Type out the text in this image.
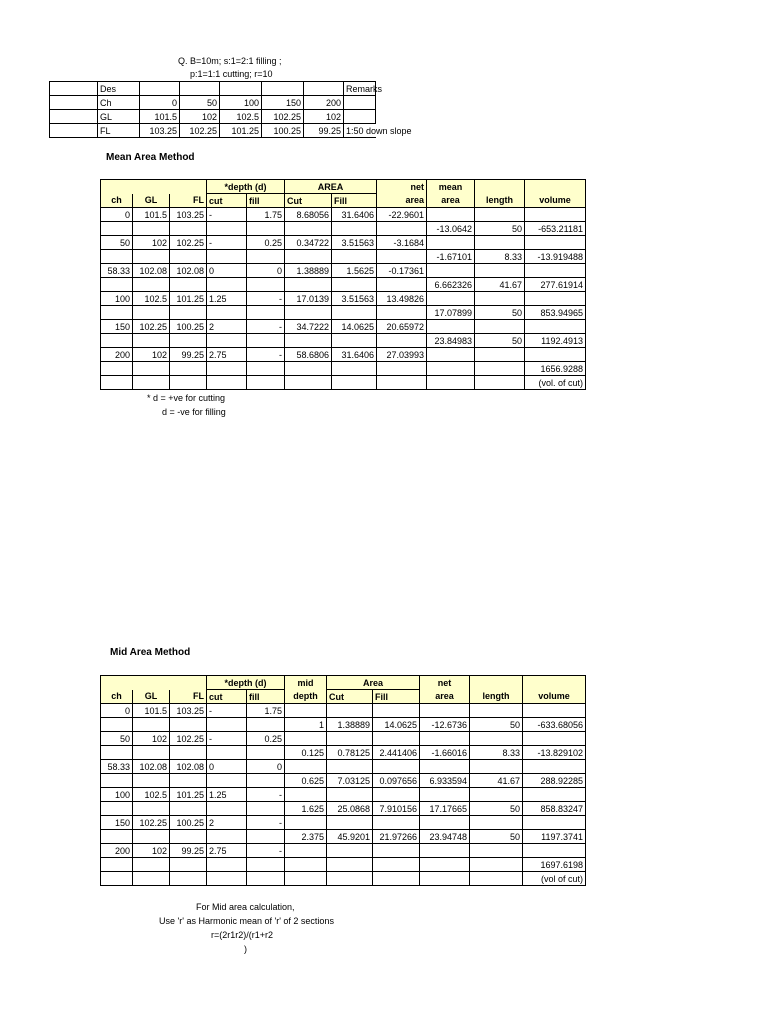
Q. B=10m; s:1=2:1 filling ;
p:1=1:1 cutting; r=10
	Des						Remarks
	Ch	0	50	100	150	200	
	GL	101.5	102	102.5	102.25	102	
	FL	103.25	102.25	101.25	100.25	99.25	1:50 down slope
Mean Area Method
			*depth (d)		AREA		net	mean		
ch	GL	FL	cut	fill	Cut	Fill	area	area	length	volume
0	101.5	103.25	-	1.75	8.68056	31.6406	-22.9601			
								-13.0642	50	-653.21181
50	102	102.25	-	0.25	0.34722	3.51563	-3.1684			
								-1.67101	8.33	-13.919488
58.33	102.08	102.08	0	0	1.38889	1.5625	-0.17361			
								6.662326	41.67	277.61914
100	102.5	101.25	1.25	-	17.0139	3.51563	13.49826			
								17.07899	50	853.94965
150	102.25	100.25	2	-	34.7222	14.0625	20.65972			
								23.84983	50	1192.4913
200	102	99.25	2.75	-	58.6806	31.6406	27.03993			
										1656.9288
										(vol. of cut)
* d = +ve for cutting
d = -ve for filling
Mid Area Method
			*depth (d)		mid	Area		net		
ch	GL	FL	cut	fill	depth	Cut	Fill	area	length	volume
0	101.5	103.25	-	1.75						
					1	1.38889	14.0625	-12.6736	50	-633.68056
50	102	102.25	-	0.25						
					0.125	0.78125	2.441406	-1.66016	8.33	-13.829102
58.33	102.08	102.08	0	0						
					0.625	7.03125	0.097656	6.933594	41.67	288.92285
100	102.5	101.25	1.25	-						
					1.625	25.0868	7.910156	17.17665	50	858.83247
150	102.25	100.25	2	-						
					2.375	45.9201	21.97266	23.94748	50	1197.3741
200	102	99.25	2.75	-						
										1697.6198
										(vol of cut)
For Mid area calculation,
Use 'r' as Harmonic mean of 'r' of 2 sections
r=(2r1r2)/(r1+r2
)
